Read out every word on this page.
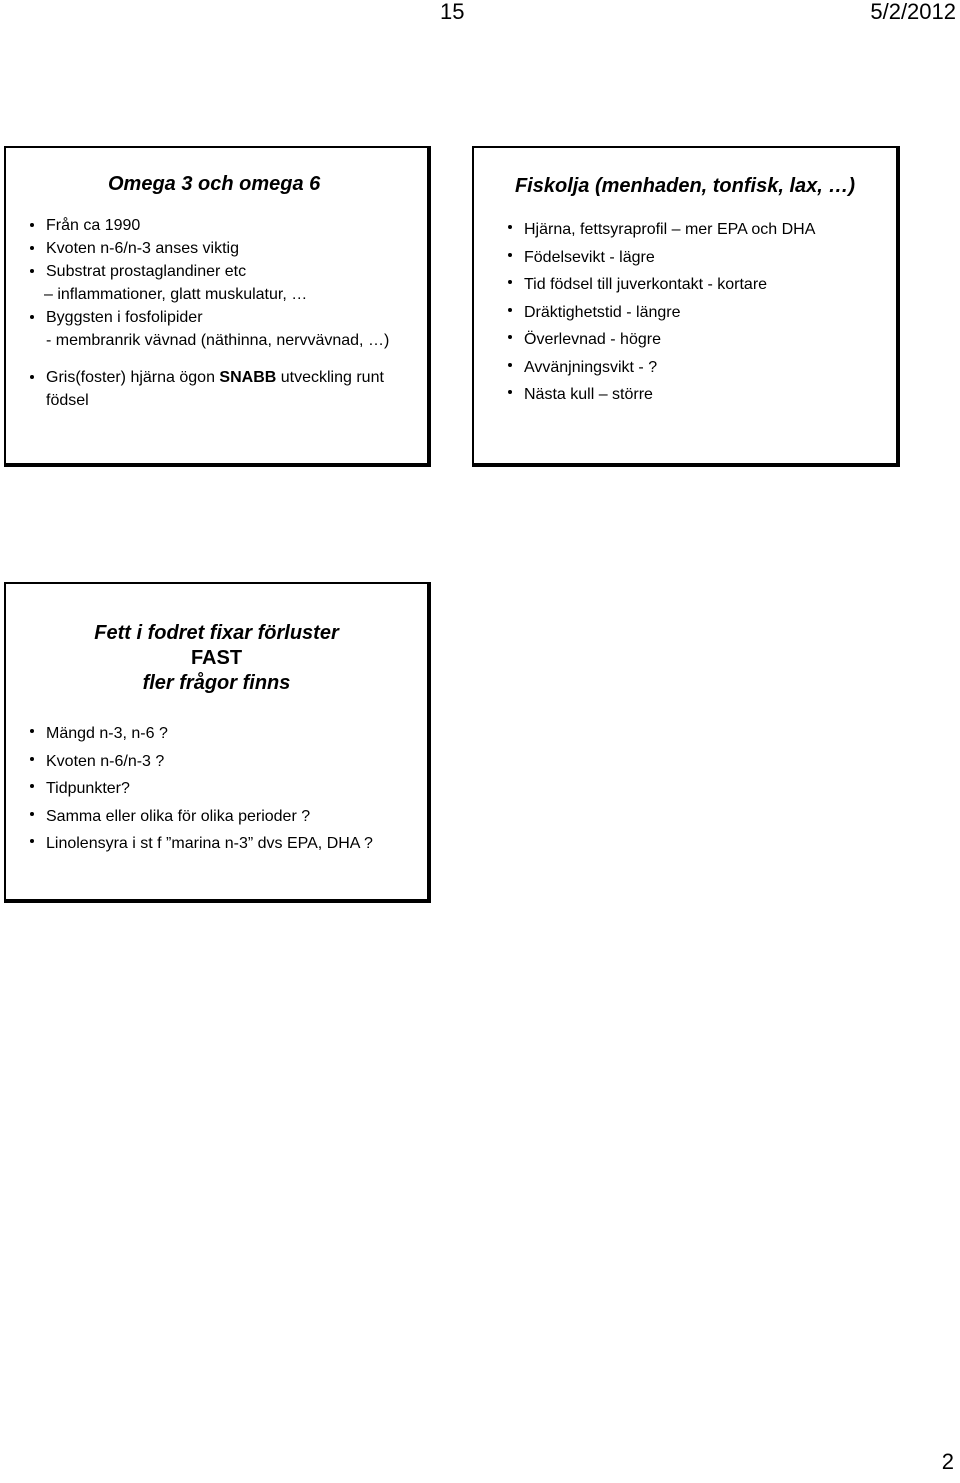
15	5/2/2012
Omega 3 och omega 6
Från ca 1990
Kvoten n-6/n-3 anses viktig
Substrat prostaglandiner etc
– inflammationer, glatt muskulatur, …
Byggsten i fosfolipider
- membranrik vävnad (näthinna, nervvävnad, …)
Gris(foster) hjärna ögon SNABB utveckling runt födsel
Fiskolja (menhaden, tonfisk, lax, …)
Hjärna, fettsyraprofil – mer EPA och DHA
Födelsevikt - lägre
Tid födsel till juverkontakt - kortare
Dräktighetstid - längre
Överlevnad - högre
Avvänjningsvikt - ?
Nästa kull – större
Fett i fodret fixar förluster
FAST
fler frågor finns
Mängd n-3, n-6 ?
Kvoten n-6/n-3 ?
Tidpunkter?
Samma eller olika för olika perioder ?
Linolensyra i st f ”marina n-3” dvs EPA, DHA ?
2
